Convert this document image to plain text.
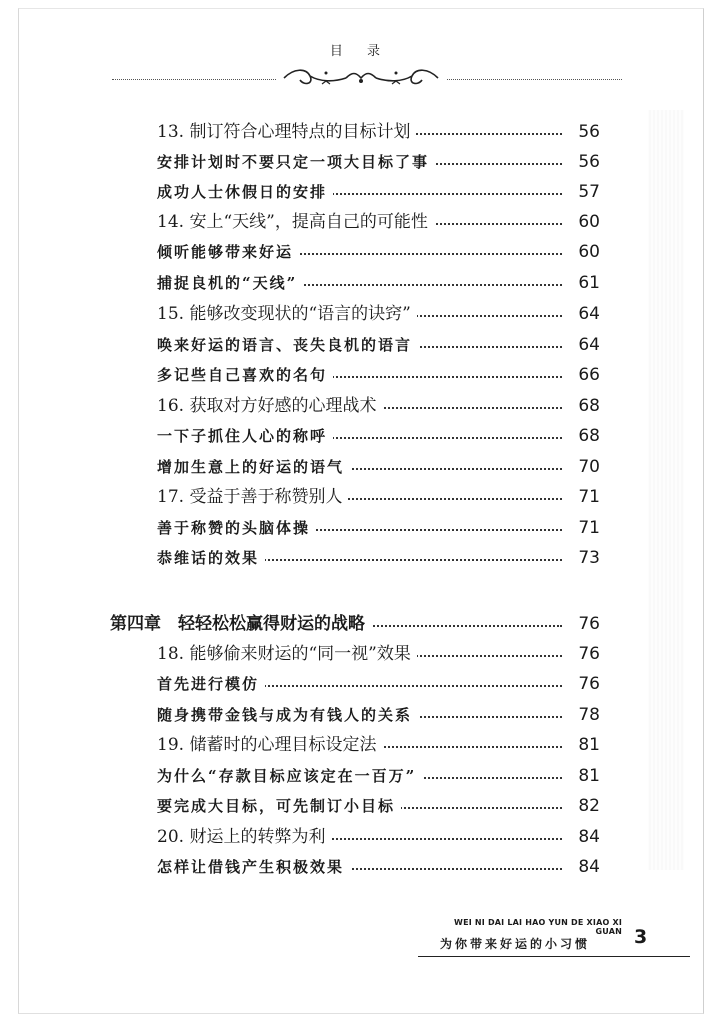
目 录
13. 制订符合心理特点的目标计划	56
安排计划时不要只定一项大目标了事	56
成功人士休假日的安排	57
14. 安上“天线”，提高自己的可能性	60
倾听能够带来好运	60
捕捉良机的“天线”	61
15. 能够改变现状的“语言的诀窍”	64
唤来好运的语言、丧失良机的语言	64
多记些自己喜欢的名句	66
16. 获取对方好感的心理战术	68
一下子抓住人心的称呼	68
增加生意上的好运的语气	70
17. 受益于善于称赞别人	71
善于称赞的头脑体操	71
恭维话的效果	73
第四章　轻轻松松赢得财运的战略	76
18. 能够偷来财运的“同一视”效果	76
首先进行模仿	76
随身携带金钱与成为有钱人的关系	78
19. 储蓄时的心理目标设定法	81
为什么“存款目标应该定在一百万”	81
要完成大目标，可先制订小目标	82
20. 财运上的转弊为利	84
怎样让借钱产生积极效果	84
WEI NI DAI LAI HAO YUN DE XIAO XI GUAN
为你带来好运的小习惯 3
